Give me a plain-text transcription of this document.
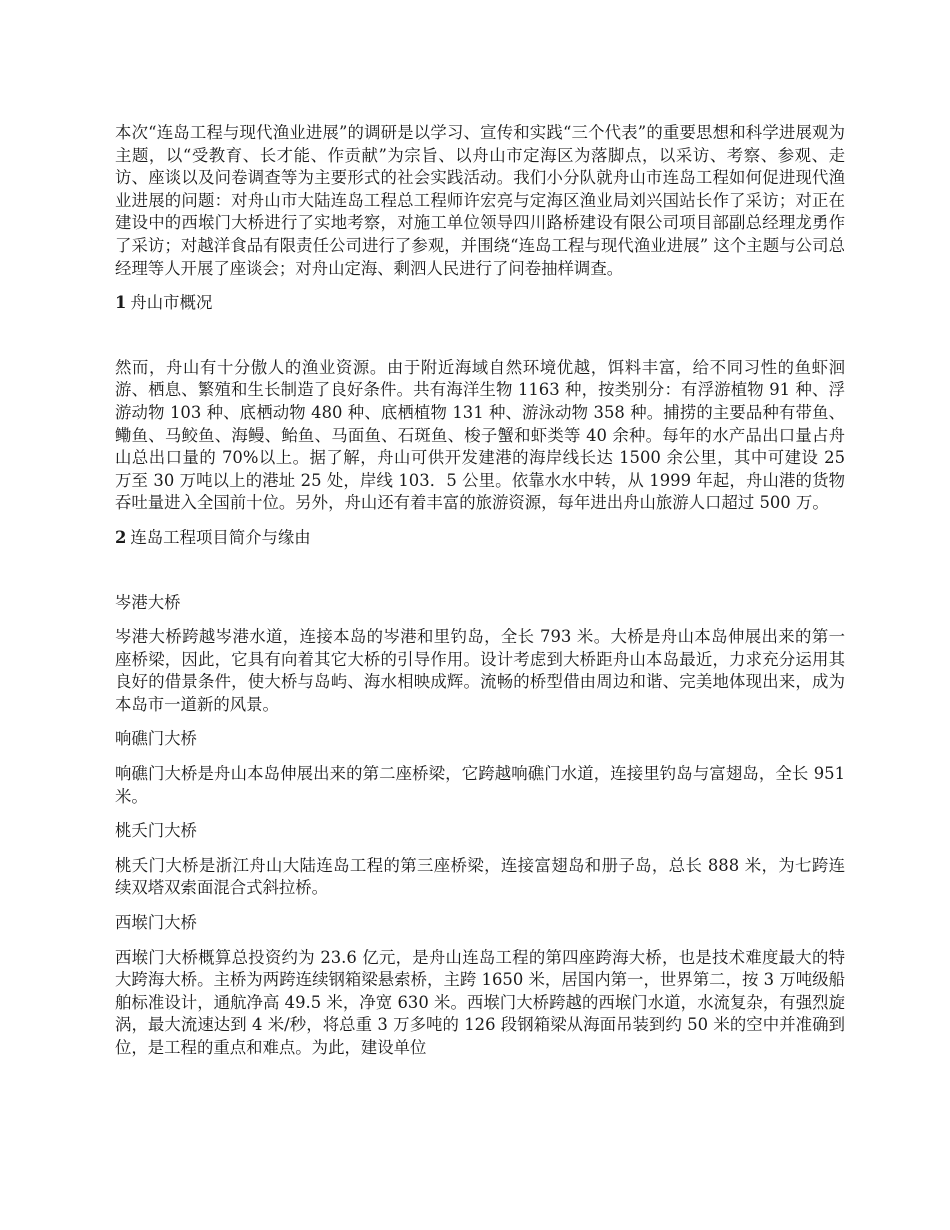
本次“连岛工程与现代渔业进展”的调研是以学习、宣传和实践“三个代表”的重要思想和科学进展观为主题，以“受教育、长才能、作贡献”为宗旨、以舟山市定海区为落脚点，以采访、考察、参观、走访、座谈以及问卷调查等为主要形式的社会实践活动。我们小分队就舟山市连岛工程如何促进现代渔业进展的问题：对舟山市大陆连岛工程总工程师许宏亮与定海区渔业局刘兴国站长作了采访；对正在建设中的西堠门大桥进行了实地考察，对施工单位领导四川路桥建设有限公司项目部副总经理龙勇作了采访；对越洋食品有限责任公司进行了参观，并围绕“连岛工程与现代渔业进展” 这个主题与公司总经理等人开展了座谈会；对舟山定海、剩泗人民进行了问卷抽样调查。

1 舟山市概况

然而，舟山有十分傲人的渔业资源。由于附近海域自然环境优越，饵料丰富，给不同习性的鱼虾洄游、栖息、繁殖和生长制造了良好条件。共有海洋生物 1163 种，按类别分：有浮游植物 91 种、浮游动物 103 种、底栖动物 480 种、底栖植物 131 种、游泳动物 358 种。捕捞的主要品种有带鱼、鳓鱼、马鲛鱼、海鳗、鲐鱼、马面鱼、石斑鱼、梭子蟹和虾类等 40 余种。每年的水产品出口量占舟山总出口量的 70%以上。据了解，舟山可供开发建港的海岸线长达 1500 余公里，其中可建设 25 万至 30 万吨以上的港址 25 处，岸线 103．5 公里。依靠水水中转，从 1999 年起，舟山港的货物吞吐量进入全国前十位。另外，舟山还有着丰富的旅游资源，每年进出舟山旅游人口超过 500 万。

2 连岛工程项目简介与缘由

岑港大桥

岑港大桥跨越岑港水道，连接本岛的岑港和里钓岛，全长 793 米。大桥是舟山本岛伸展出来的第一座桥梁，因此，它具有向着其它大桥的引导作用。设计考虑到大桥距舟山本岛最近，力求充分运用其良好的借景条件，使大桥与岛屿、海水相映成辉。流畅的桥型借由周边和谐、完美地体现出来，成为本岛市一道新的风景。

响礁门大桥

响礁门大桥是舟山本岛伸展出来的第二座桥梁，它跨越响礁门水道，连接里钓岛与富翅岛，全长 951 米。

桃夭门大桥

桃夭门大桥是浙江舟山大陆连岛工程的第三座桥梁，连接富翅岛和册子岛，总长 888 米，为七跨连续双塔双索面混合式斜拉桥。

西堠门大桥

西堠门大桥概算总投资约为 23.6 亿元，是舟山连岛工程的第四座跨海大桥，也是技术难度最大的特大跨海大桥。主桥为两跨连续钢箱梁悬索桥，主跨 1650 米，居国内第一，世界第二，按 3 万吨级船舶标准设计，通航净高 49.5 米，净宽 630 米。西堠门大桥跨越的西堠门水道，水流复杂，有强烈旋涡，最大流速达到 4 米/秒，将总重 3 万多吨的 126 段钢箱梁从海面吊装到约 50 米的空中并准确到位，是工程的重点和难点。为此，建设单位
